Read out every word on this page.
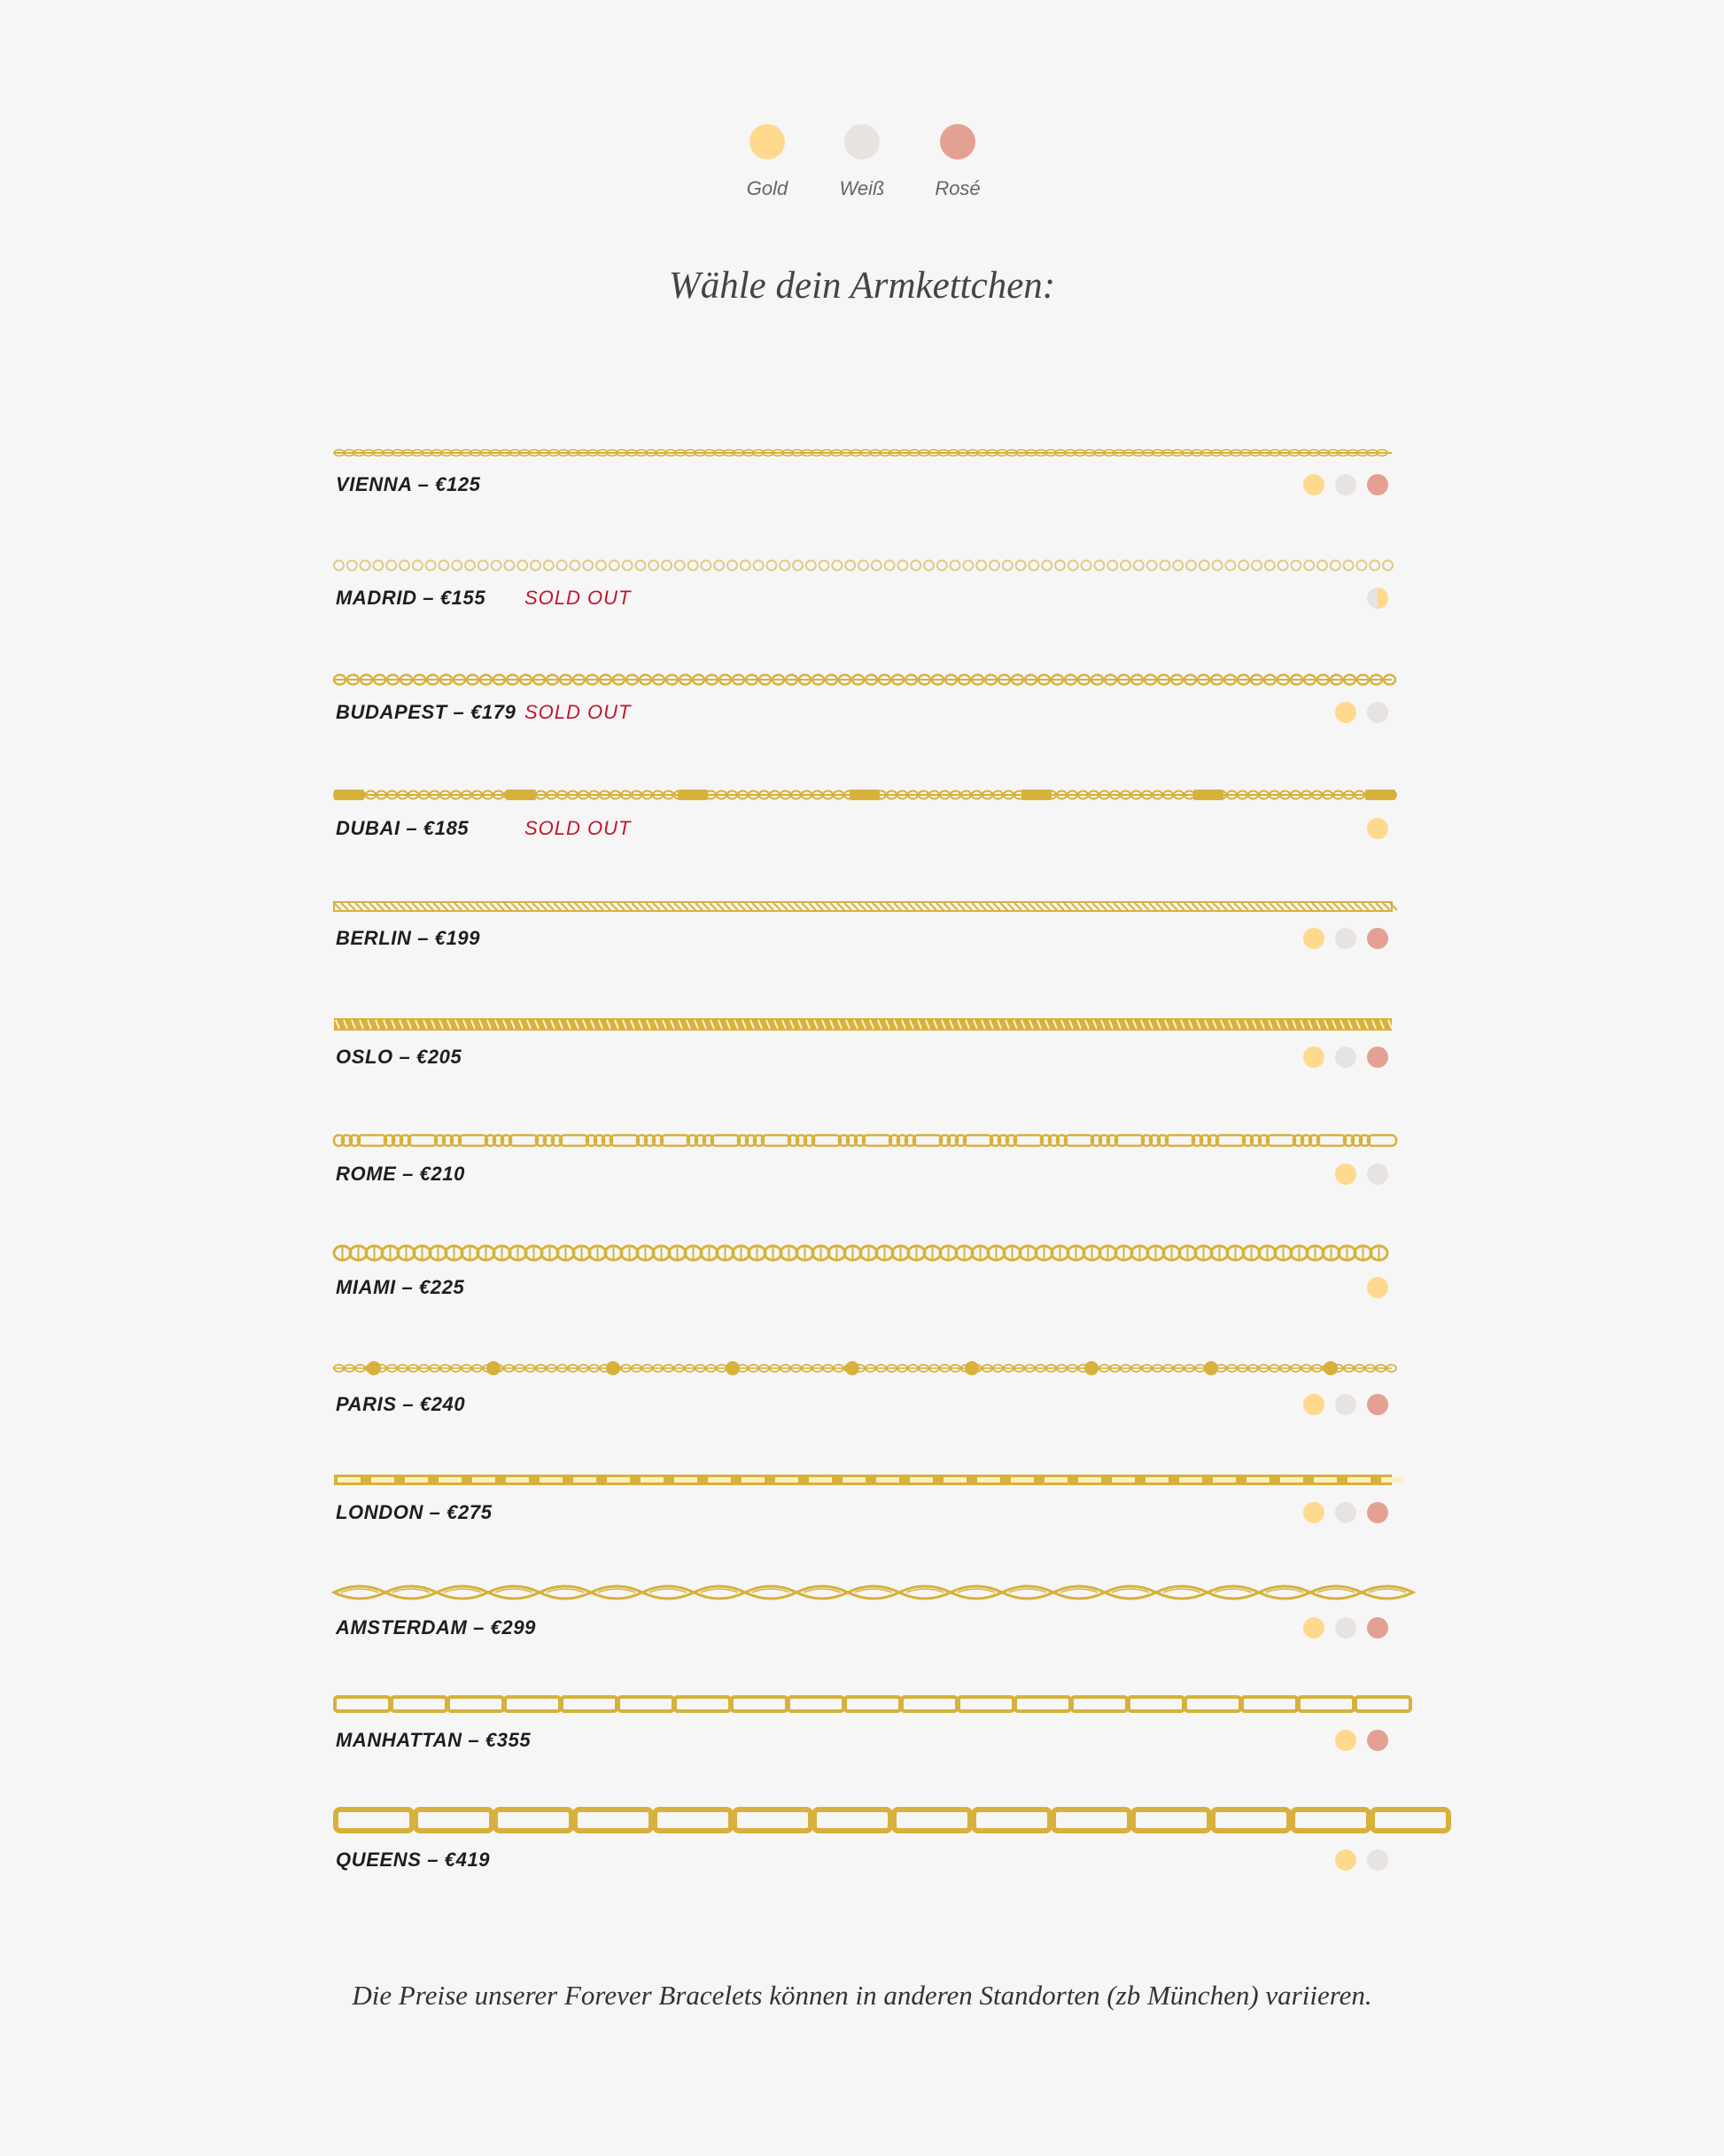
Gold	Weiß	Rosé
Wähle dein Armkettchen:
VIENNA – €125
MADRID – €155 SOLD OUT
BUDAPEST – €179 SOLD OUT
DUBAI – €185	SOLD OUT
BERLIN – €199
OSLO – €205
ROME – €210
MIAMI – €225
PARIS – €240
LONDON – €275
AMSTERDAM – €299
MANHATTAN – €355
QUEENS – €419
Die Preise unserer Forever Bracelets können in anderen Standorten (zb München) variieren.
